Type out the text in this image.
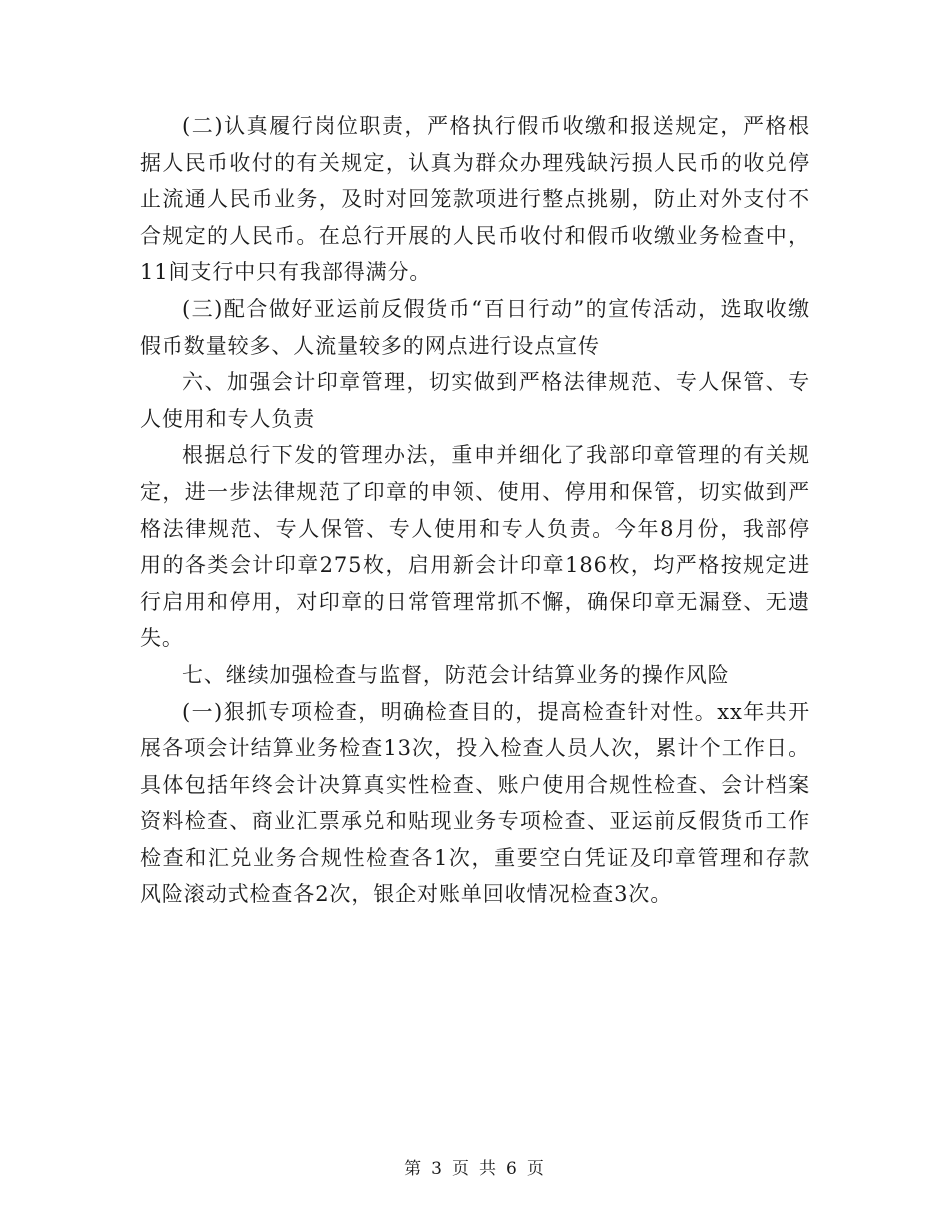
(二)认真履行岗位职责，严格执行假币收缴和报送规定，严格根据人民币收付的有关规定，认真为群众办理残缺污损人民币的收兑停止流通人民币业务，及时对回笼款项进行整点挑剔，防止对外支付不合规定的人民币。在总行开展的人民币收付和假币收缴业务检查中，11间支行中只有我部得满分。

(三)配合做好亚运前反假货币“百日行动”的宣传活动，选取收缴假币数量较多、人流量较多的网点进行设点宣传

六、加强会计印章管理，切实做到严格法律规范、专人保管、专人使用和专人负责

根据总行下发的管理办法，重申并细化了我部印章管理的有关规定，进一步法律规范了印章的申领、使用、停用和保管，切实做到严格法律规范、专人保管、专人使用和专人负责。今年8月份，我部停用的各类会计印章275枚，启用新会计印章186枚，均严格按规定进行启用和停用，对印章的日常管理常抓不懈，确保印章无漏登、无遗失。

七、继续加强检查与监督，防范会计结算业务的操作风险

(一)狠抓专项检查，明确检查目的，提高检查针对性。xx年共开展各项会计结算业务检查13次，投入检查人员人次，累计个工作日。具体包括年终会计决算真实性检查、账户使用合规性检查、会计档案资料检查、商业汇票承兑和贴现业务专项检查、亚运前反假货币工作检查和汇兑业务合规性检查各1次，重要空白凭证及印章管理和存款风险滚动式检查各2次，银企对账单回收情况检查3次。

第 3 页 共 6 页
